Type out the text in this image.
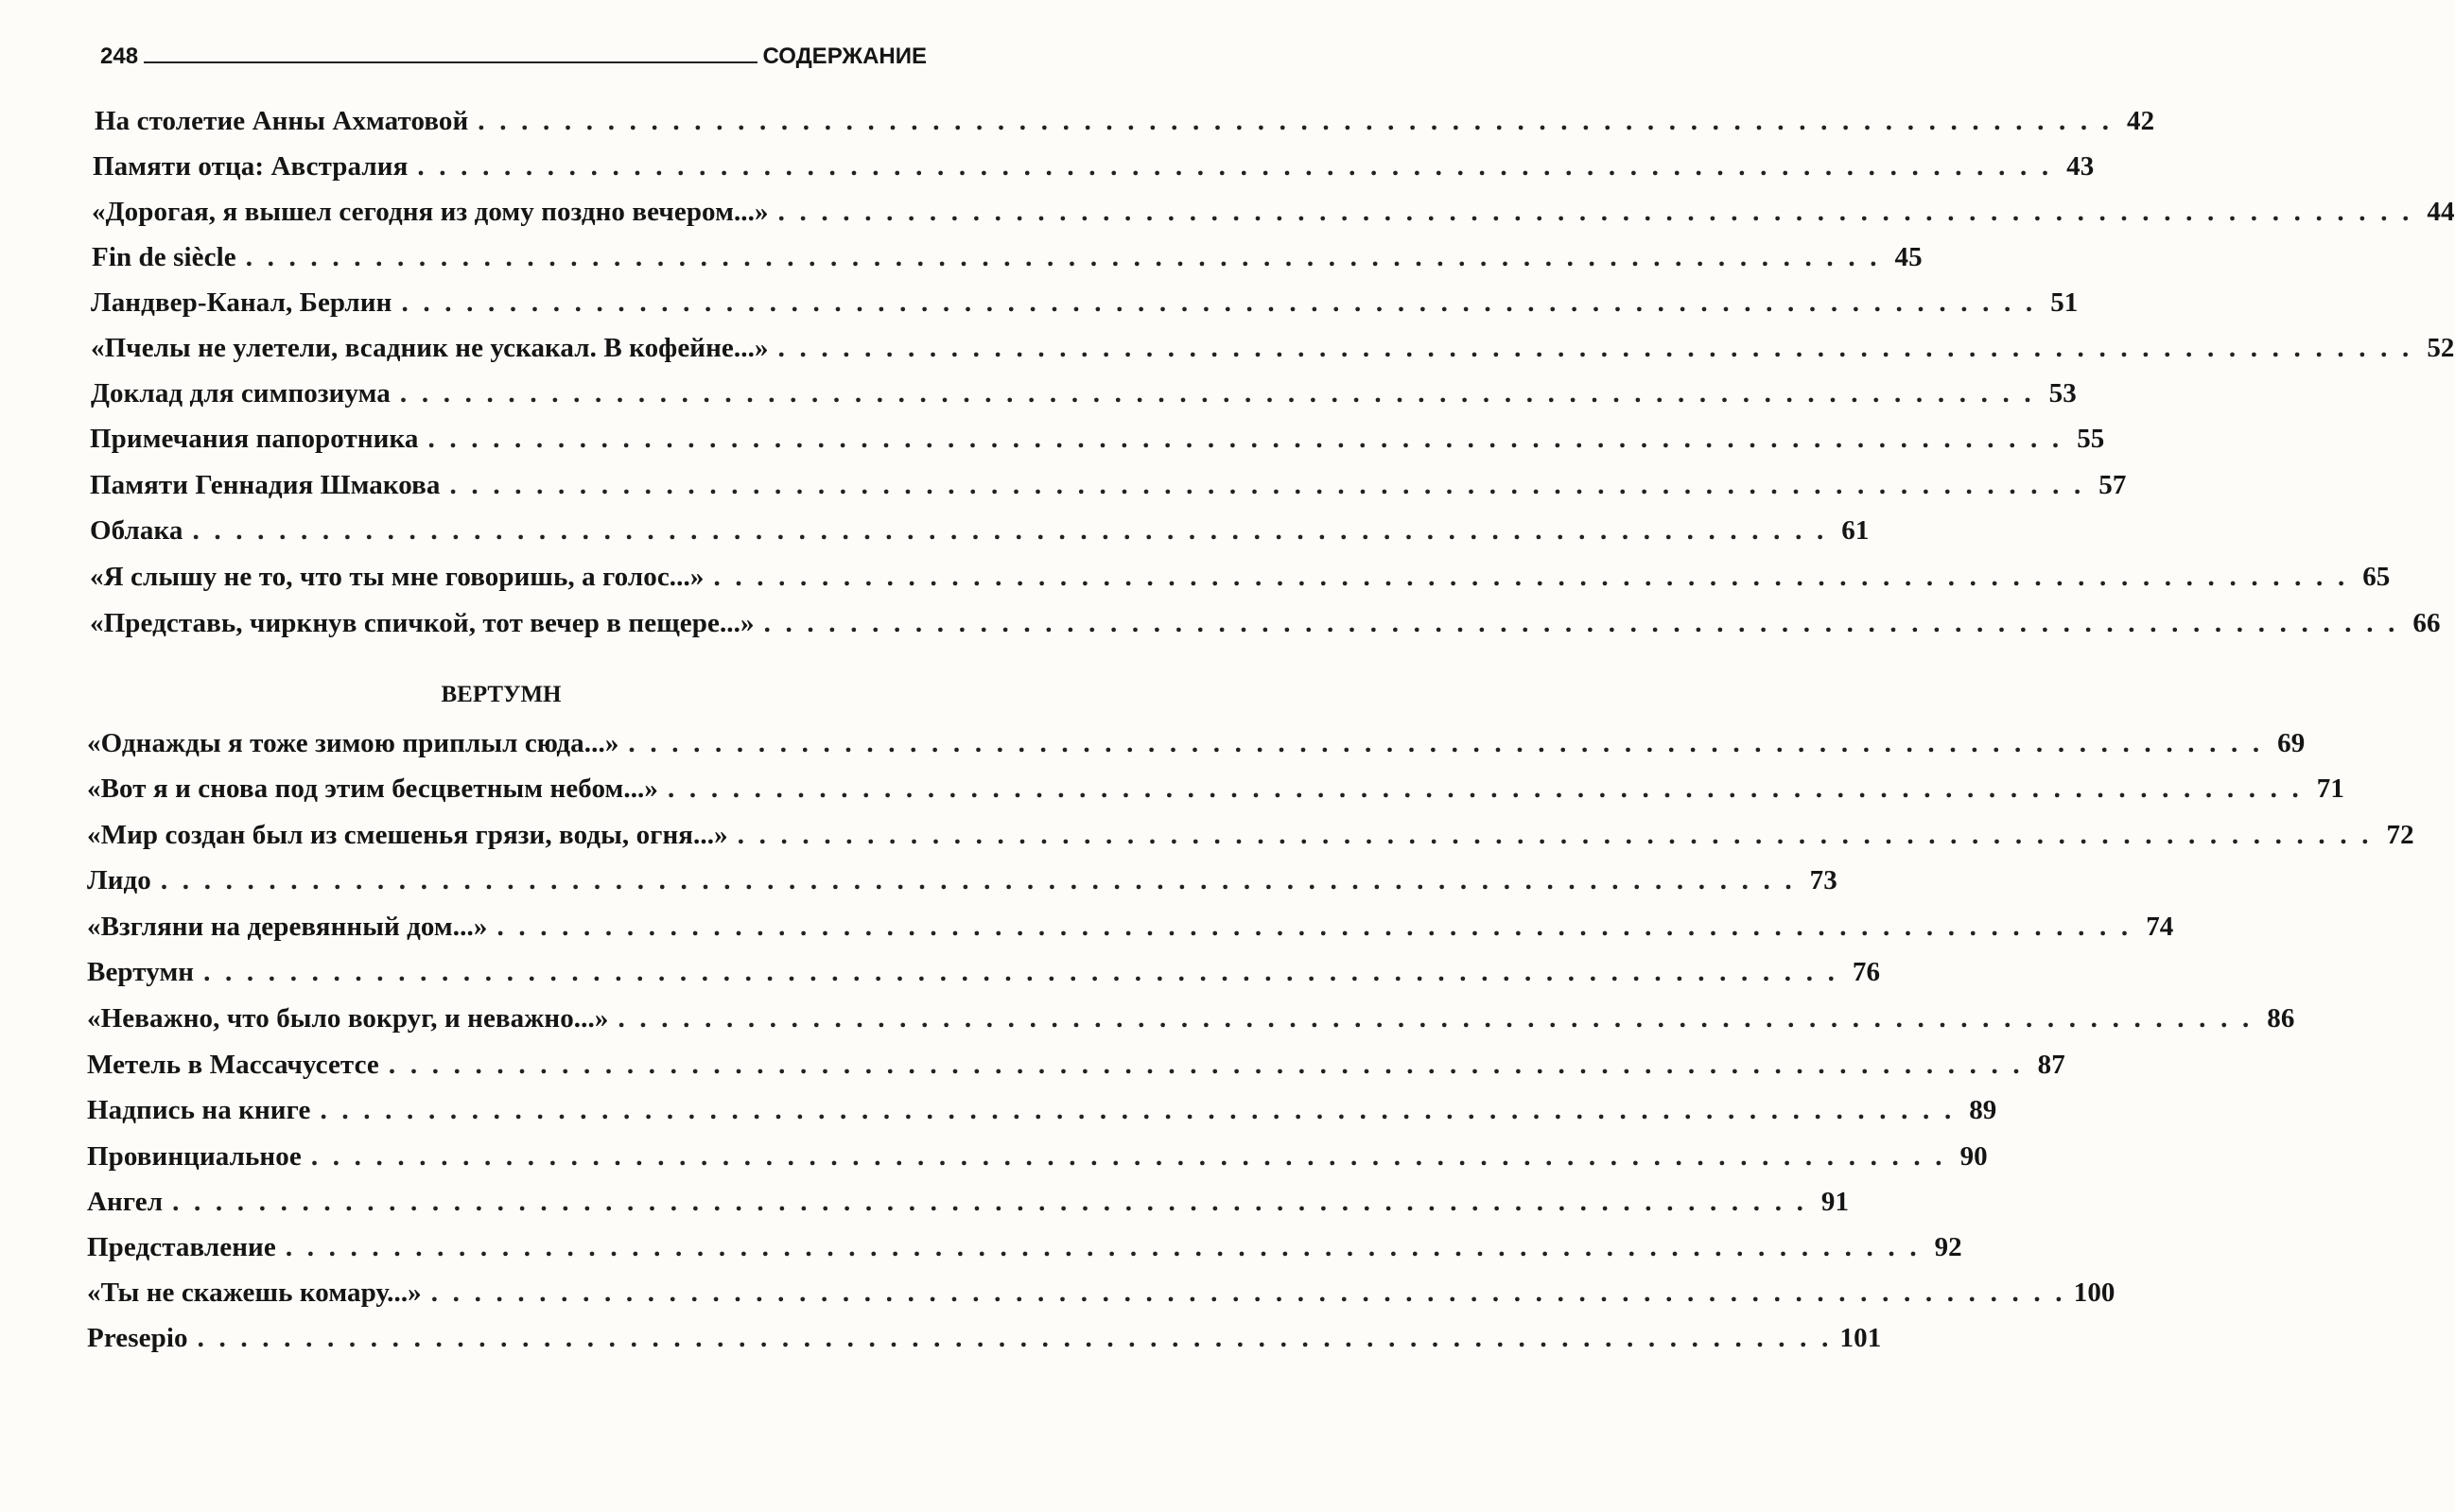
248	СОДЕРЖАНИЕ
На столетие Анны Ахматовой . . . . . . . . . . . . . . . . . . . . . . . . . . . . . . . . . . . . . . . . . . . . . . . . . . . . . . . . . . . . . . . . . . . . . . . . . . . . 42
Памяти отца: Австралия . . . . . . . . . . . . . . . . . . . . . . . . . . . . . . . . . . . . . . . . . . . . . . . . . . . . . . . . . . . . . . . . . . . . . . . . . . . . 43
«Дорогая, я вышел сегодня из дому поздно вечером...» . . . . . . . . . . . . . . . . . . . . . . . . . . . . . . . . . . . . . . . . . . . . . . . . . . . . . . . . . . . . . . . . . . . . . . . . . . . . 44
Fin de siècle . . . . . . . . . . . . . . . . . . . . . . . . . . . . . . . . . . . . . . . . . . . . . . . . . . . . . . . . . . . . . . . . . . . . . . . . . . . . 45
Ландвер-Канал, Берлин . . . . . . . . . . . . . . . . . . . . . . . . . . . . . . . . . . . . . . . . . . . . . . . . . . . . . . . . . . . . . . . . . . . . . . . . . . . . 51
«Пчелы не улетели, всадник не ускакал. В кофейне...» . . . . . . . . . . . . . . . . . . . . . . . . . . . . . . . . . . . . . . . . . . . . . . . . . . . . . . . . . . . . . . . . . . . . . . . . . . . . 52
Доклад для симпозиума . . . . . . . . . . . . . . . . . . . . . . . . . . . . . . . . . . . . . . . . . . . . . . . . . . . . . . . . . . . . . . . . . . . . . . . . . . . . 53
Примечания папоротника . . . . . . . . . . . . . . . . . . . . . . . . . . . . . . . . . . . . . . . . . . . . . . . . . . . . . . . . . . . . . . . . . . . . . . . . . . . . 55
Памяти Геннадия Шмакова . . . . . . . . . . . . . . . . . . . . . . . . . . . . . . . . . . . . . . . . . . . . . . . . . . . . . . . . . . . . . . . . . . . . . . . . . . . . 57
Облака . . . . . . . . . . . . . . . . . . . . . . . . . . . . . . . . . . . . . . . . . . . . . . . . . . . . . . . . . . . . . . . . . . . . . . . . . . . . 61
«Я слышу не то, что ты мне говоришь, а голос...» . . . . . . . . . . . . . . . . . . . . . . . . . . . . . . . . . . . . . . . . . . . . . . . . . . . . . . . . . . . . . . . . . . . . . . . . . . . . 65
«Представь, чиркнув спичкой, тот вечер в пещере...» . . . . . . . . . . . . . . . . . . . . . . . . . . . . . . . . . . . . . . . . . . . . . . . . . . . . . . . . . . . . . . . . . . . . . . . . . . . . 66
ВЕРТУМН
«Однажды я тоже зимою приплыл сюда...» . . . . . . . . . . . . . . . . . . . . . . . . . . . . . . . . . . . . . . . . . . . . . . . . . . . . . . . . . . . . . . . . . . . . . . . . . . . . 69
«Вот я и снова под этим бесцветным небом...» . . . . . . . . . . . . . . . . . . . . . . . . . . . . . . . . . . . . . . . . . . . . . . . . . . . . . . . . . . . . . . . . . . . . . . . . . . . . 71
«Мир создан был из смешенья грязи, воды, огня...» . . . . . . . . . . . . . . . . . . . . . . . . . . . . . . . . . . . . . . . . . . . . . . . . . . . . . . . . . . . . . . . . . . . . . . . . . . . . 72
Лидо . . . . . . . . . . . . . . . . . . . . . . . . . . . . . . . . . . . . . . . . . . . . . . . . . . . . . . . . . . . . . . . . . . . . . . . . . . . . 73
«Взгляни на деревянный дом...» . . . . . . . . . . . . . . . . . . . . . . . . . . . . . . . . . . . . . . . . . . . . . . . . . . . . . . . . . . . . . . . . . . . . . . . . . . . . 74
Вертумн . . . . . . . . . . . . . . . . . . . . . . . . . . . . . . . . . . . . . . . . . . . . . . . . . . . . . . . . . . . . . . . . . . . . . . . . . . . . 76
«Неважно, что было вокруг, и неважно...» . . . . . . . . . . . . . . . . . . . . . . . . . . . . . . . . . . . . . . . . . . . . . . . . . . . . . . . . . . . . . . . . . . . . . . . . . . . . 86
Метель в Массачусетсе . . . . . . . . . . . . . . . . . . . . . . . . . . . . . . . . . . . . . . . . . . . . . . . . . . . . . . . . . . . . . . . . . . . . . . . . . . . . 87
Надпись на книге . . . . . . . . . . . . . . . . . . . . . . . . . . . . . . . . . . . . . . . . . . . . . . . . . . . . . . . . . . . . . . . . . . . . . . . . . . . . 89
Провинциальное . . . . . . . . . . . . . . . . . . . . . . . . . . . . . . . . . . . . . . . . . . . . . . . . . . . . . . . . . . . . . . . . . . . . . . . . . . . . 90
Ангел . . . . . . . . . . . . . . . . . . . . . . . . . . . . . . . . . . . . . . . . . . . . . . . . . . . . . . . . . . . . . . . . . . . . . . . . . . . . 91
Представление . . . . . . . . . . . . . . . . . . . . . . . . . . . . . . . . . . . . . . . . . . . . . . . . . . . . . . . . . . . . . . . . . . . . . . . . . . . . 92
«Ты не скажешь комару...» . . . . . . . . . . . . . . . . . . . . . . . . . . . . . . . . . . . . . . . . . . . . . . . . . . . . . . . . . . . . . . . . . . . . . . . . . . . . 100
Presepio . . . . . . . . . . . . . . . . . . . . . . . . . . . . . . . . . . . . . . . . . . . . . . . . . . . . . . . . . . . . . . . . . . . . . . . . . . . . 101
